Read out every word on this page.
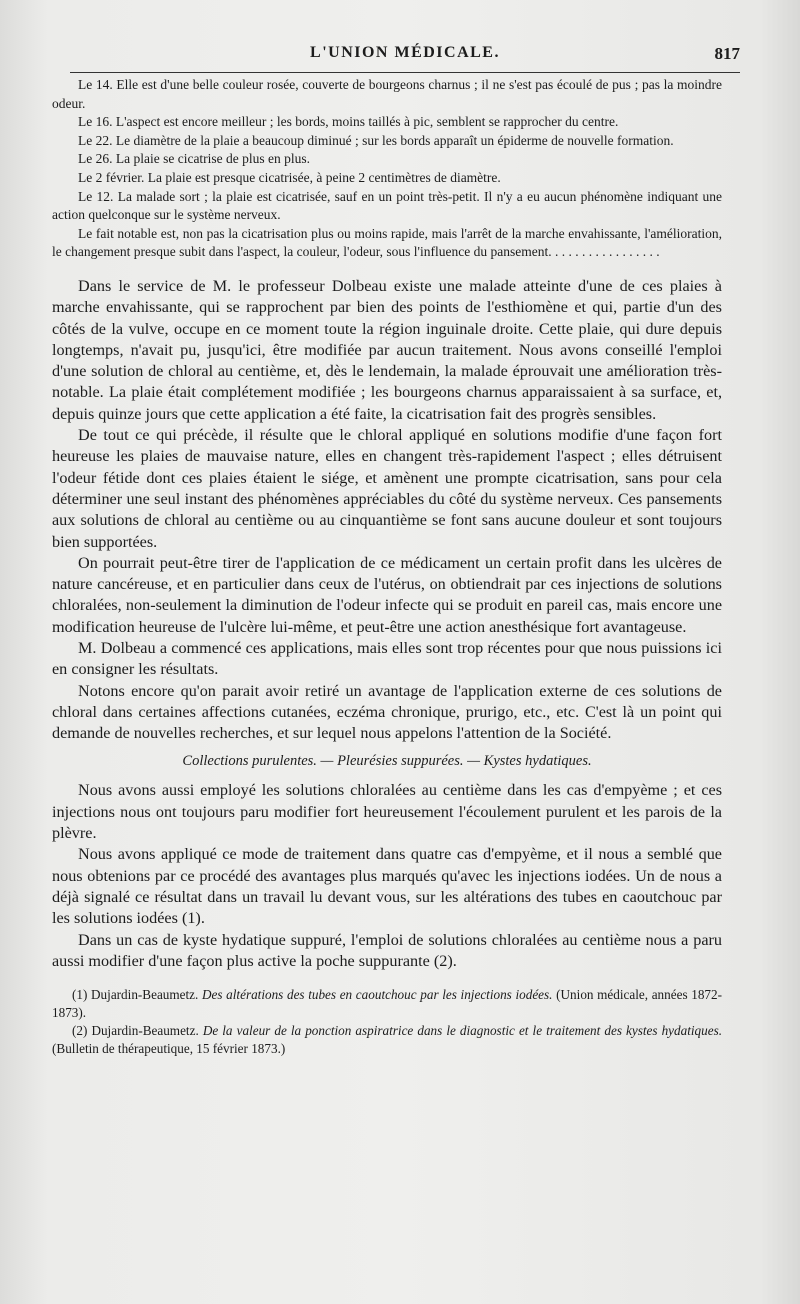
L'UNION MÉDICALE.	817

Le 14. Elle est d'une belle couleur rosée, couverte de bourgeons charnus ; il ne s'est pas écoulé de pus ; pas la moindre odeur.

Le 16. L'aspect est encore meilleur ; les bords, moins taillés à pic, semblent se rapprocher du centre.

Le 22. Le diamètre de la plaie a beaucoup diminué ; sur les bords apparaît un épiderme de nouvelle formation.

Le 26. La plaie se cicatrise de plus en plus.

Le 2 février. La plaie est presque cicatrisée, à peine 2 centimètres de diamètre.

Le 12. La malade sort ; la plaie est cicatrisée, sauf en un point très-petit. Il n'y a eu aucun phénomène indiquant une action quelconque sur le système nerveux.

Le fait notable est, non pas la cicatrisation plus ou moins rapide, mais l'arrêt de la marche envahissante, l'amélioration, le changement presque subit dans l'aspect, la couleur, l'odeur, sous l'influence du pansement. . . . . . . . . . . . . . . . .

Dans le service de M. le professeur Dolbeau existe une malade atteinte d'une de ces plaies à marche envahissante, qui se rapprochent par bien des points de l'esthiomène et qui, partie d'un des côtés de la vulve, occupe en ce moment toute la région inguinale droite. Cette plaie, qui dure depuis longtemps, n'avait pu, jusqu'ici, être modifiée par aucun traitement. Nous avons conseillé l'emploi d'une solution de chloral au centième, et, dès le lendemain, la malade éprouvait une amélioration très-notable. La plaie était complétement modifiée ; les bourgeons charnus apparaissaient à sa surface, et, depuis quinze jours que cette application a été faite, la cicatrisation fait des progrès sensibles.

De tout ce qui précède, il résulte que le chloral appliqué en solutions modifie d'une façon fort heureuse les plaies de mauvaise nature, elles en changent très-rapidement l'aspect ; elles détruisent l'odeur fétide dont ces plaies étaient le siége, et amènent une prompte cicatrisation, sans pour cela déterminer une seul instant des phénomènes appréciables du côté du système nerveux. Ces pansements aux solutions de chloral au centième ou au cinquantième se font sans aucune douleur et sont toujours bien supportées.

On pourrait peut-être tirer de l'application de ce médicament un certain profit dans les ulcères de nature cancéreuse, et en particulier dans ceux de l'utérus, on obtiendrait par ces injections de solutions chloralées, non-seulement la diminution de l'odeur infecte qui se produit en pareil cas, mais encore une modification heureuse de l'ulcère lui-même, et peut-être une action anesthésique fort avantageuse.

M. Dolbeau a commencé ces applications, mais elles sont trop récentes pour que nous puissions ici en consigner les résultats.

Notons encore qu'on parait avoir retiré un avantage de l'application externe de ces solutions de chloral dans certaines affections cutanées, eczéma chronique, prurigo, etc., etc. C'est là un point qui demande de nouvelles recherches, et sur lequel nous appelons l'attention de la Société.

Collections purulentes. — Pleurésies suppurées. — Kystes hydatiques.

Nous avons aussi employé les solutions chloralées au centième dans les cas d'empyème ; et ces injections nous ont toujours paru modifier fort heureusement l'écoulement purulent et les parois de la plèvre.

Nous avons appliqué ce mode de traitement dans quatre cas d'empyème, et il nous a semblé que nous obtenions par ce procédé des avantages plus marqués qu'avec les injections iodées. Un de nous a déjà signalé ce résultat dans un travail lu devant vous, sur les altérations des tubes en caoutchouc par les solutions iodées (1).

Dans un cas de kyste hydatique suppuré, l'emploi de solutions chloralées au centième nous a paru aussi modifier d'une façon plus active la poche suppurante (2).

(1) Dujardin-Beaumetz. Des altérations des tubes en caoutchouc par les injections iodées. (Union médicale, années 1872-1873).

(2) Dujardin-Beaumetz. De la valeur de la ponction aspiratrice dans le diagnostic et le traitement des kystes hydatiques. (Bulletin de thérapeutique, 15 février 1873.)
